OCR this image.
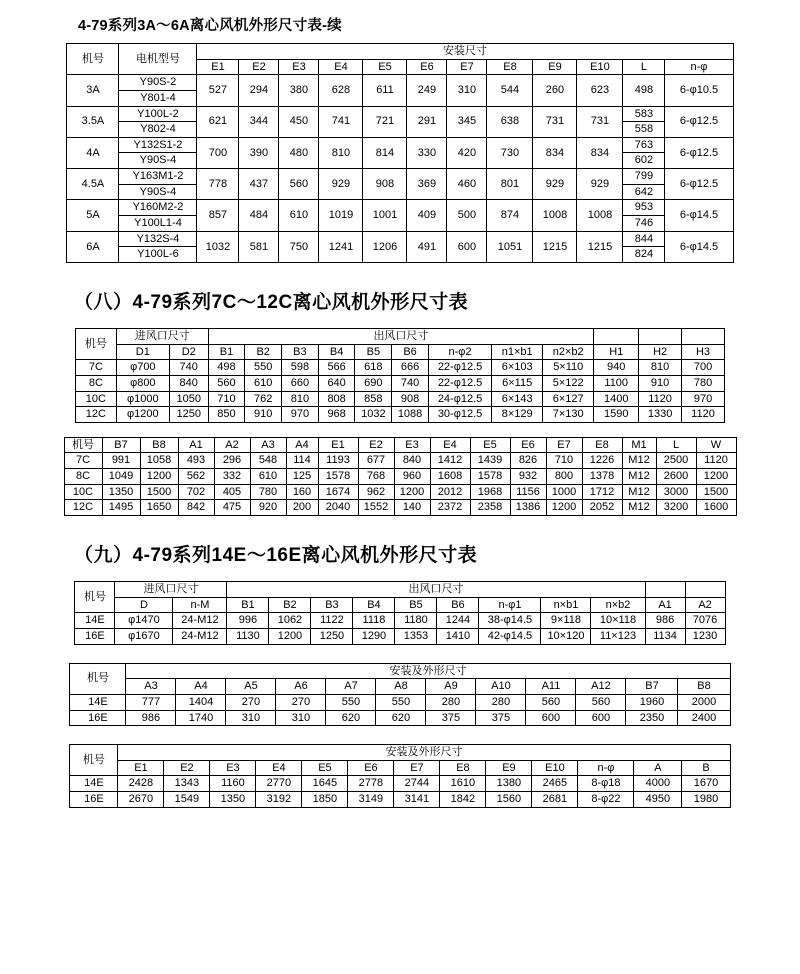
4-79系列3A～6A离心风机外形尺寸表-续
机号	电机型号	安装尺寸											
		E1	E2	E3	E4	E5	E6	E7	E8	E9	E10	L	n-φ
3A	Y90S-2	527	294	380	628	611	249	310	544	260	623	498	6-φ10.5
	Y801-4												
3.5A	Y100L-2	621	344	450	741	721	291	345	638	731	731	583	6-φ12.5
	Y802-4											558	
4A	Y132S1-2	700	390	480	810	814	330	420	730	834	834	763	6-φ12.5
	Y90S-4											602	
4.5A	Y163M1-2	778	437	560	929	908	369	460	801	929	929	799	6-φ12.5
	Y90S-4											642	
5A	Y160M2-2	857	484	610	1019	1001	409	500	874	1008	1008	953	6-φ14.5
	Y100L1-4											746	
6A	Y132S-4	1032	581	750	1241	1206	491	600	1051	1215	1215	844	6-φ14.5
	Y100L-6											824	
（八）4-79系列7C～12C离心风机外形尺寸表
机号	进风口尺寸		出风口尺寸											
	D1	D2	B1	B2	B3	B4	B5	B6	n-φ2	n1×b1	n2×b2	H1	H2	H3
7C	φ700	740	498	550	598	566	618	666	22-φ12.5	6×103	5×110	940	810	700
8C	φ800	840	560	610	660	640	690	740	22-φ12.5	6×115	5×122	1100	910	780
10C	φ1000	1050	710	762	810	808	858	908	24-φ12.5	6×143	6×127	1400	1120	970
12C	φ1200	1250	850	910	970	968	1032	1088	30-φ12.5	8×129	7×130	1590	1330	1120
机号	B7	B8	A1	A2	A3	A4	E1	E2	E3	E4	E5	E6	E7	E8	M1	L	W
7C	991	1058	493	296	548	114	1193	677	840	1412	1439	826	710	1226	M12	2500	1120
8C	1049	1200	562	332	610	125	1578	768	960	1608	1578	932	800	1378	M12	2600	1200
10C	1350	1500	702	405	780	160	1674	962	1200	2012	1968	1156	1000	1712	M12	3000	1500
12C	1495	1650	842	475	920	200	2040	1552	140	2372	2358	1386	1200	2052	M12	3200	1600
（九）4-79系列14E～16E离心风机外形尺寸表
机号	进风口尺寸		出风口尺寸										
	D	n-M	B1	B2	B3	B4	B5	B6	n-φ1	n×b1	n×b2	A1	A2
14E	φ1470	24-M12	996	1062	1122	1118	1180	1244	38-φ14.5	9×118	10×118	986	7076
16E	φ1670	24-M12	1130	1200	1250	1290	1353	1410	42-φ14.5	10×120	11×123	1134	1230
机号	安装及外形尺寸											
	A3	A4	A5	A6	A7	A8	A9	A10	A11	A12	B7	B8
14E	777	1404	270	270	550	550	280	280	560	560	1960	2000
16E	986	1740	310	310	620	620	375	375	600	600	2350	2400
机号	安装及外形尺寸												
	E1	E2	E3	E4	E5	E6	E7	E8	E9	E10	n-φ	A	B
14E	2428	1343	1160	2770	1645	2778	2744	1610	1380	2465	8-φ18	4000	1670
16E	2670	1549	1350	3192	1850	3149	3141	1842	1560	2681	8-φ22	4950	1980
